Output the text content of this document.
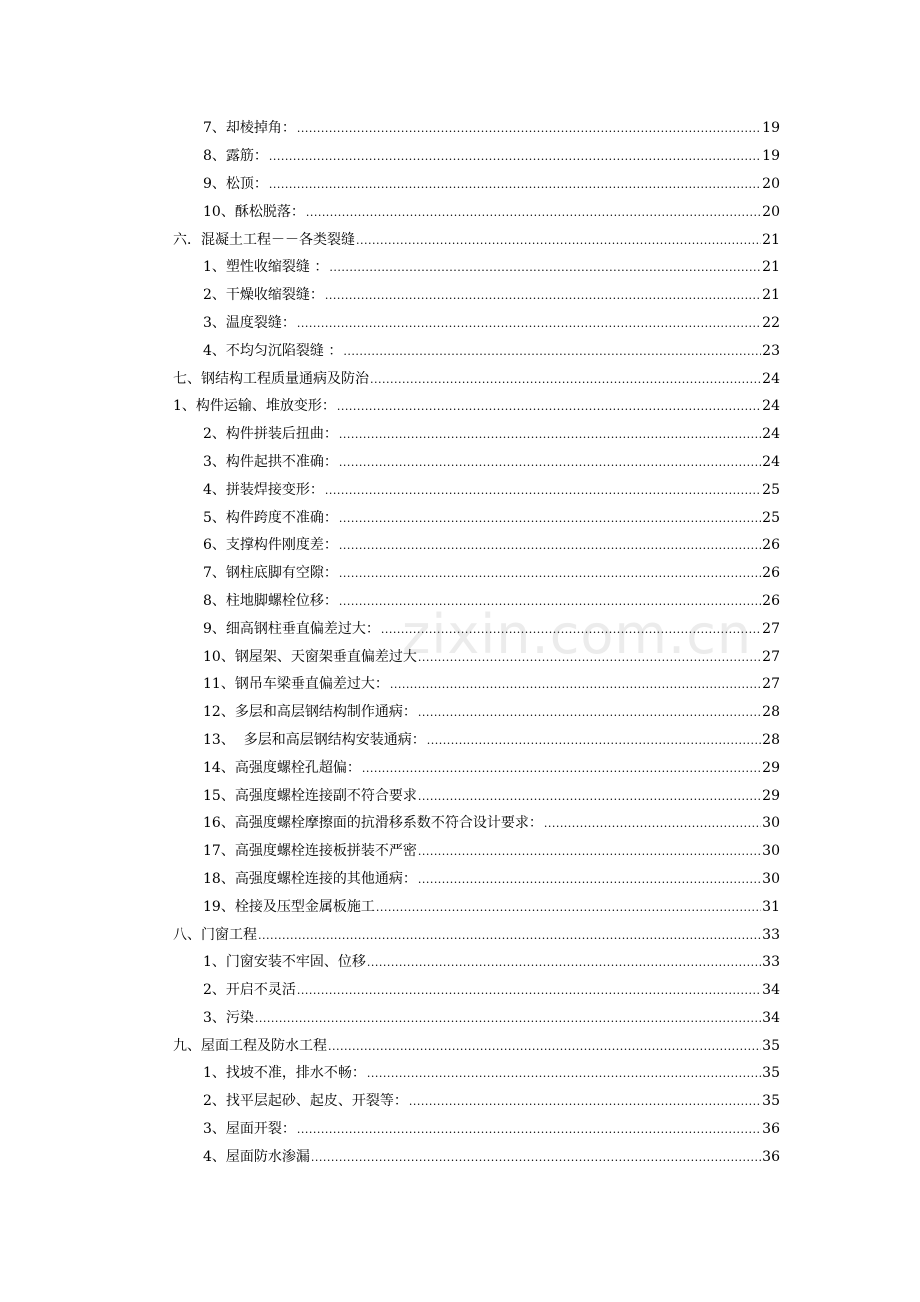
7、却棱掉角： .....	19
8、露筋： .....	19
9、松顶： .....	20
10、酥松脱落： .....	20
六．混凝土工程－－各类裂缝 .....	21
1、塑性收缩裂缝 ： .....	21
2、干燥收缩裂缝： .....	21
3、温度裂缝： .....	22
4、不均匀沉陷裂缝 ： .....	23
七、钢结构工程质量通病及防治 .....	24
1、构件运输、堆放变形： .....	24
2、构件拼装后扭曲： .....	24
3、构件起拱不准确： .....	24
4、拼装焊接变形： .....	25
5、构件跨度不准确： .....	25
6、支撑构件刚度差： .....	26
7、钢柱底脚有空隙： .....	26
8、柱地脚螺栓位移： .....	26
9、细高钢柱垂直偏差过大： .....	27
10、钢屋架、天窗架垂直偏差过大 .....	27
11、钢吊车梁垂直偏差过大： .....	27
12、多层和高层钢结构制作通病： .....	28
13、  多层和高层钢结构安装通病： .....	28
14、高强度螺栓孔超偏： .....	29
15、高强度螺栓连接副不符合要求 .....	29
16、高强度螺栓摩擦面的抗滑移系数不符合设计要求： .....	30
17、高强度螺栓连接板拼装不严密 .....	30
18、高强度螺栓连接的其他通病： .....	30
19、栓接及压型金属板施工 .....	31
八、门窗工程 .....	33
1、门窗安装不牢固、位移 .....	33
2、开启不灵活 .....	34
3、污染 .....	34
九、屋面工程及防水工程 .....	35
1、找坡不准，排水不畅： .....	35
2、找平层起砂、起皮、开裂等： .....	35
3、屋面开裂： .....	36
4、屋面防水渗漏 .....	36
zixin.com.cn
